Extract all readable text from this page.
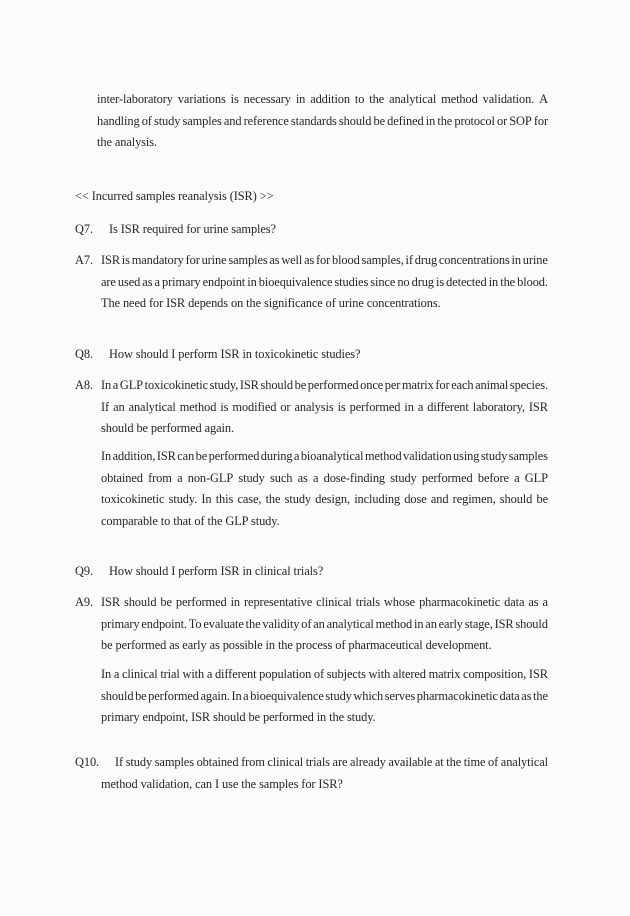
inter-laboratory variations is necessary in addition to the analytical method validation. A
handling of study samples and reference standards should be defined in the protocol or SOP for
the analysis.
<< Incurred samples reanalysis (ISR) >>
Q7. Is ISR required for urine samples?
A7. ISR is mandatory for urine samples as well as for blood samples, if drug concentrations in urine
are used as a primary endpoint in bioequivalence studies since no drug is detected in the blood.
The need for ISR depends on the significance of urine concentrations.
Q8. How should I perform ISR in toxicokinetic studies?
A8. In a GLP toxicokinetic study, ISR should be performed once per matrix for each animal species.
If an analytical method is modified or analysis is performed in a different laboratory, ISR
should be performed again.
In addition, ISR can be performed during a bioanalytical method validation using study samples
obtained from a non-GLP study such as a dose-finding study performed before a GLP
toxicokinetic study. In this case, the study design, including dose and regimen, should be
comparable to that of the GLP study.
Q9. How should I perform ISR in clinical trials?
A9. ISR should be performed in representative clinical trials whose pharmacokinetic data as a
primary endpoint. To evaluate the validity of an analytical method in an early stage, ISR should
be performed as early as possible in the process of pharmaceutical development.
In a clinical trial with a different population of subjects with altered matrix composition, ISR
should be performed again. In a bioequivalence study which serves pharmacokinetic data as the
primary endpoint, ISR should be performed in the study.
Q10. If study samples obtained from clinical trials are already available at the time of analytical
method validation, can I use the samples for ISR?
